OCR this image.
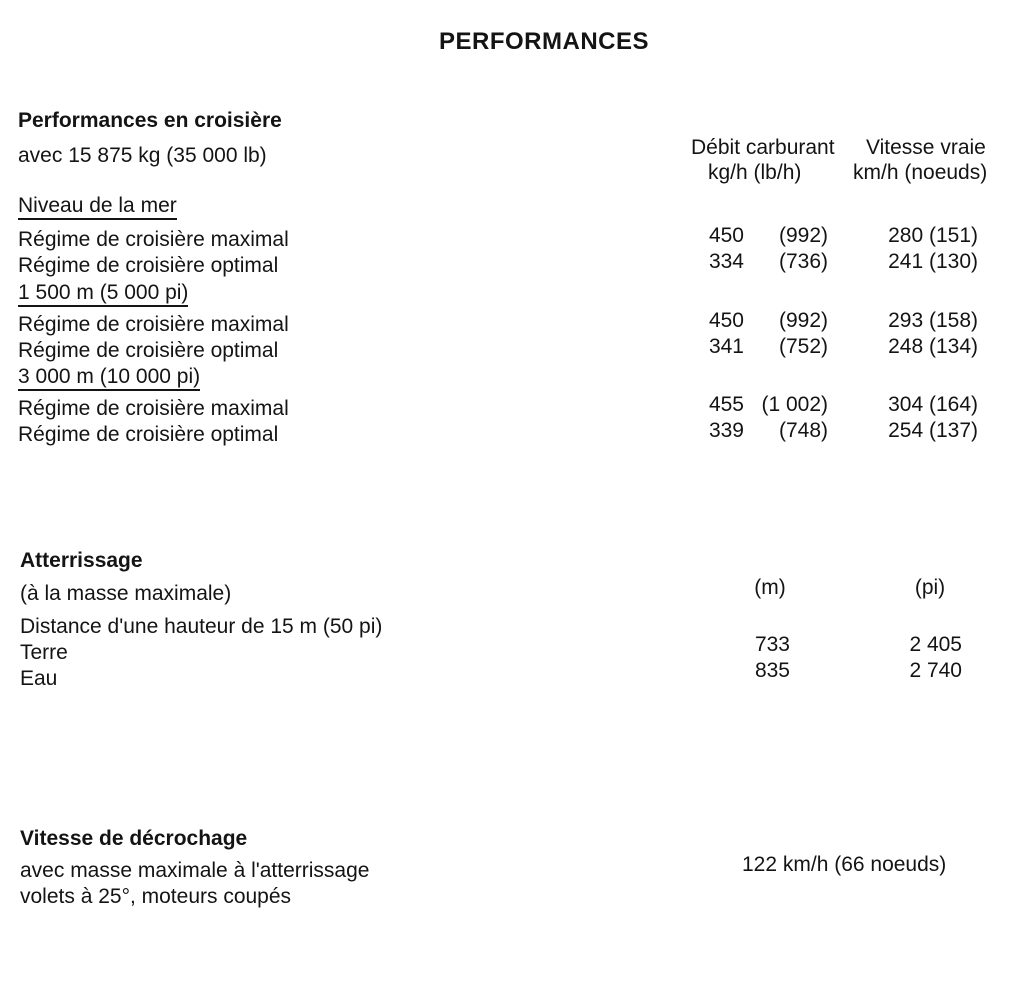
PERFORMANCES
Performances en croisière
avec 15 875 kg (35 000 lb)	Débit carburant
kg/h (lb/h)
Vitesse vraie
km/h (noeuds)
Niveau de la mer
Régime de croisière maximal	450	(992)	280 (151)
Régime de croisière optimal	334	(736)	241 (130)
1 500 m (5 000 pi)
Régime de croisière maximal	450	(992)	293 (158)
Régime de croisière optimal	341	(752)	248 (134)
3 000 m (10 000 pi)
Régime de croisière maximal	455 (1 002)	304 (164)
Régime de croisière optimal	339	(748)	254 (137)
Atterrissage
(à la masse maximale)	(m)	(pi)
Distance d'une hauteur de 15 m (50 pi)
Terre	733	2 405
Eau	835	2 740
Vitesse de décrochage
avec masse maximale à l'atterrissage
volets à 25°, moteurs coupés
122 km/h (66 noeuds)
